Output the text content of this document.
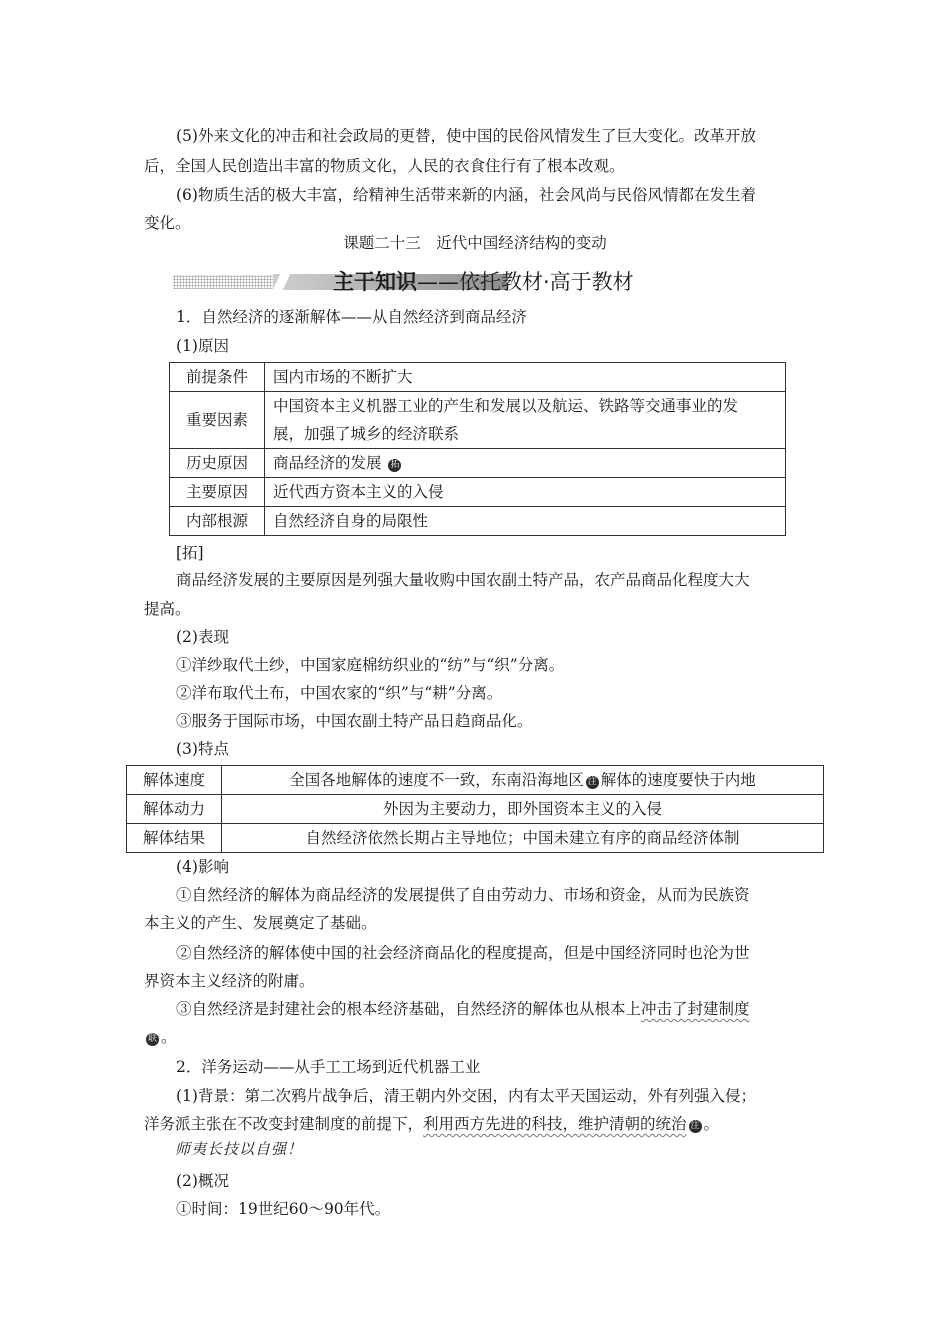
(5)外来文化的冲击和社会政局的更替，使中国的民俗风情发生了巨大变化。改革开放
后，全国人民创造出丰富的物质文化，人民的衣食住行有了根本改观。
(6)物质生活的极大丰富，给精神生活带来新的内涵，社会风尚与民俗风情都在发生着
变化。
课题二十三　近代中国经济结构的变动
主干知识——依托教材·高于教材
1．自然经济的逐渐解体——从自然经济到商品经济
(1)原因
前提条件	国内市场的不断扩大
重要因素	中国资本主义机器工业的产生和发展以及航运、铁路等交通事业的发
展，加强了城乡的经济联系
历史原因	商品经济的发展 拓
主要原因	近代西方资本主义的入侵
内部根源	自然经济自身的局限性
[拓]
商品经济发展的主要原因是列强大量收购中国农副土特产品，农产品商品化程度大大
提高。
(2)表现
①洋纱取代土纱，中国家庭棉纺织业的“纺”与“织”分离。
②洋布取代土布，中国农家的“织”与“耕”分离。
③服务于国际市场，中国农副土特产品日趋商品化。
(3)特点
解体速度	全国各地解体的速度不一致，东南沿海地区 注 解体的速度要快于内地
解体动力	外因为主要动力，即外国资本主义的入侵
解体结果	自然经济依然长期占主导地位；中国未建立有序的商品经济体制
(4)影响
①自然经济的解体为商品经济的发展提供了自由劳动力、市场和资金，从而为民族资
本主义的产生、发展奠定了基础。
②自然经济的解体使中国的社会经济商品化的程度提高，但是中国经济同时也沦为世
界资本主义经济的附庸。
③自然经济是封建社会的根本经济基础，自然经济的解体也从根本上冲击了封建制度
联 。
2．洋务运动——从手工工场到近代机器工业
(1)背景：第二次鸦片战争后，清王朝内外交困，内有太平天国运动，外有列强入侵；
洋务派主张在不改变封建制度的前提下，利用西方先进的科技，维护清朝的统治 注 。
师夷长技以自强！
(2)概况
①时间：19世纪60～90年代。
